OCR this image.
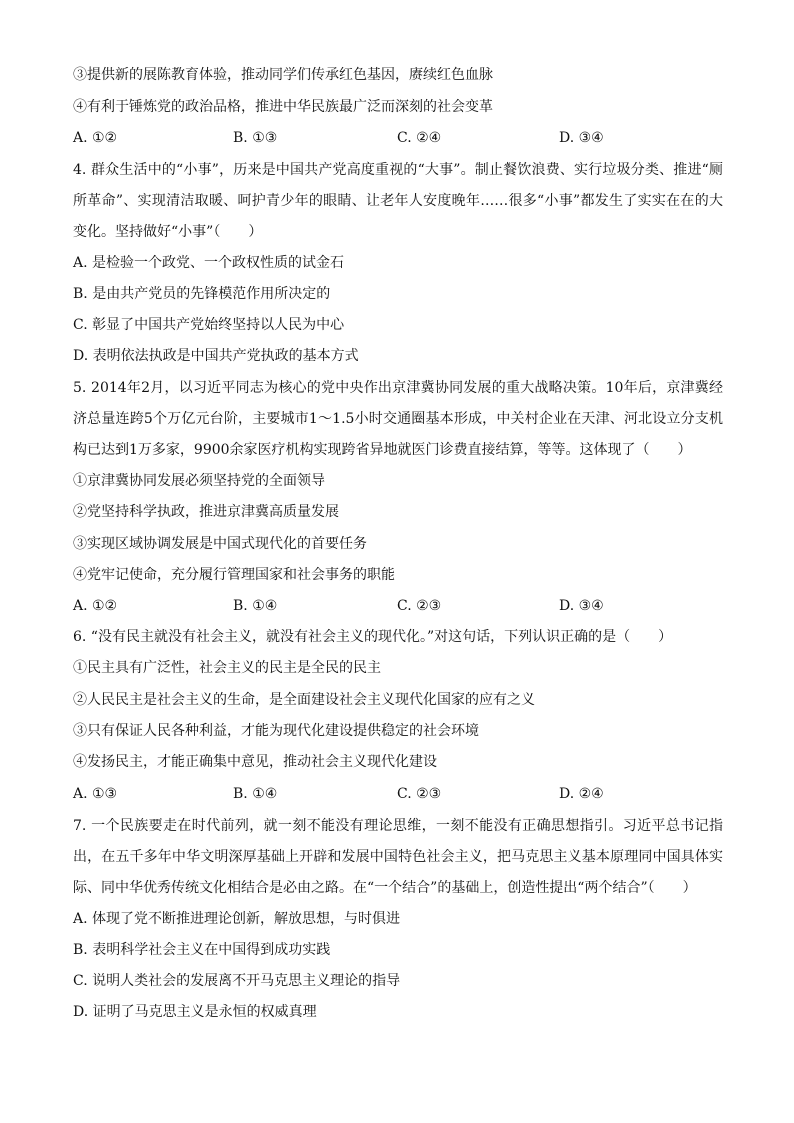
③提供新的展陈教育体验，推动同学们传承红色基因，赓续红色血脉
④有利于锤炼党的政治品格，推进中华民族最广泛而深刻的社会变革
A. ①②	B. ①③	C. ②④	D. ③④
4. 群众生活中的“小事”，历来是中国共产党高度重视的“大事”。制止餐饮浪费、实行垃圾分类、推进“厕所革命”、实现清洁取暖、呵护青少年的眼睛、让老年人安度晚年……很多“小事”都发生了实实在在的大变化。坚持做好“小事”（　　）
A. 是检验一个政党、一个政权性质的试金石
B. 是由共产党员的先锋模范作用所决定的
C. 彰显了中国共产党始终坚持以人民为中心
D. 表明依法执政是中国共产党执政的基本方式
5. 2014年2月，以习近平同志为核心的党中央作出京津冀协同发展的重大战略决策。10年后，京津冀经济总量连跨5个万亿元台阶，主要城市1～1.5小时交通圈基本形成，中关村企业在天津、河北设立分支机构已达到1万多家，9900余家医疗机构实现跨省异地就医门诊费直接结算，等等。这体现了（　　）
①京津冀协同发展必须坚持党的全面领导
②党坚持科学执政，推进京津冀高质量发展
③实现区域协调发展是中国式现代化的首要任务
④党牢记使命，充分履行管理国家和社会事务的职能
A. ①②	B. ①④	C. ②③	D. ③④
6. “没有民主就没有社会主义，就没有社会主义的现代化。”对这句话，下列认识正确的是（　　）
①民主具有广泛性，社会主义的民主是全民的民主
②人民民主是社会主义的生命，是全面建设社会主义现代化国家的应有之义
③只有保证人民各种利益，才能为现代化建设提供稳定的社会环境
④发扬民主，才能正确集中意见，推动社会主义现代化建设
A. ①③	B. ①④	C. ②③	D. ②④
7. 一个民族要走在时代前列，就一刻不能没有理论思维，一刻不能没有正确思想指引。习近平总书记指出，在五千多年中华文明深厚基础上开辟和发展中国特色社会主义，把马克思主义基本原理同中国具体实际、同中华优秀传统文化相结合是必由之路。在“一个结合”的基础上，创造性提出“两个结合”（　　）
A. 体现了党不断推进理论创新，解放思想，与时俱进
B. 表明科学社会主义在中国得到成功实践
C. 说明人类社会的发展离不开马克思主义理论的指导
D. 证明了马克思主义是永恒的权威真理
